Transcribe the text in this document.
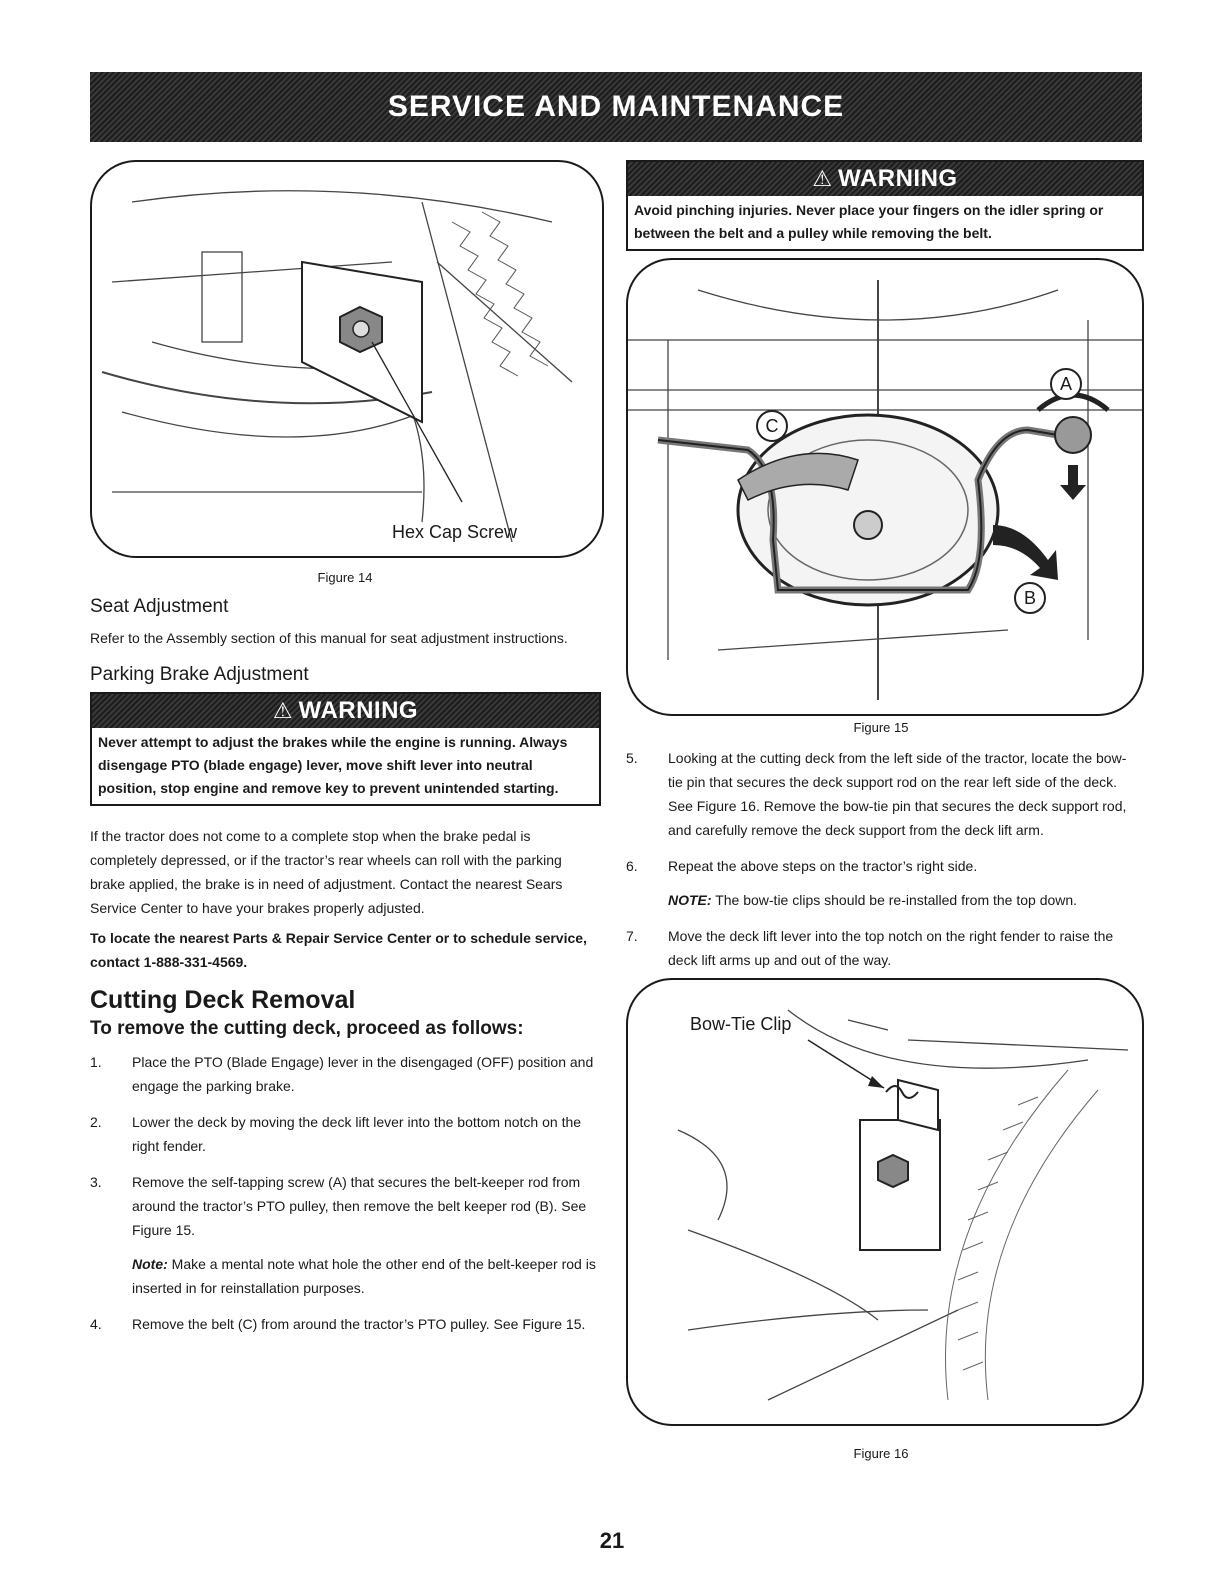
SERVICE AND MAINTENANCE
Hex Cap Screw
Figure 14
Seat Adjustment

Refer to the Assembly section of this manual for seat adjustment instructions.

Parking Brake Adjustment
⚠ WARNING

Never attempt to adjust the brakes while the engine is running. Always disengage PTO (blade engage) lever, move shift lever into neutral position, stop engine and remove key to prevent unintended starting.

If the tractor does not come to a complete stop when the brake pedal is completely depressed, or if the tractor’s rear wheels can roll with the parking brake applied, the brake is in need of adjustment. Contact the nearest Sears Service Center to have your brakes properly adjusted.

To locate the nearest Parts & Repair Service Center or to schedule service, contact 1-888-331-4569.

Cutting Deck Removal
To remove the cutting deck, proceed as follows:
1. Place the PTO (Blade Engage) lever in the disengaged (OFF) position and engage the parking brake.
2. Lower the deck by moving the deck lift lever into the bottom notch on the right fender.
3. Remove the self-tapping screw (A) that secures the belt-keeper rod from around the tractor’s PTO pulley, then remove the belt keeper rod (B). See Figure 15.
Note: Make a mental note what hole the other end of the belt-keeper rod is inserted in for reinstallation purposes.
4. Remove the belt (C) from around the tractor’s PTO pulley. See Figure 15.
⚠ WARNING

Avoid pinching injuries. Never place your fingers on the idler spring or between the belt and a pulley while removing the belt.

A
B
C
Figure 15
5. Looking at the cutting deck from the left side of the tractor, locate the bow-tie pin that secures the deck support rod on the rear left side of the deck. See Figure 16. Remove the bow-tie pin that secures the deck support rod, and carefully remove the deck support from the deck lift arm.
6. Repeat the above steps on the tractor’s right side.
NOTE: The bow-tie clips should be re-installed from the top down.
7. Move the deck lift lever into the top notch on the right fender to raise the deck lift arms up and out of the way.
Bow-Tie Clip
Figure 16
21
